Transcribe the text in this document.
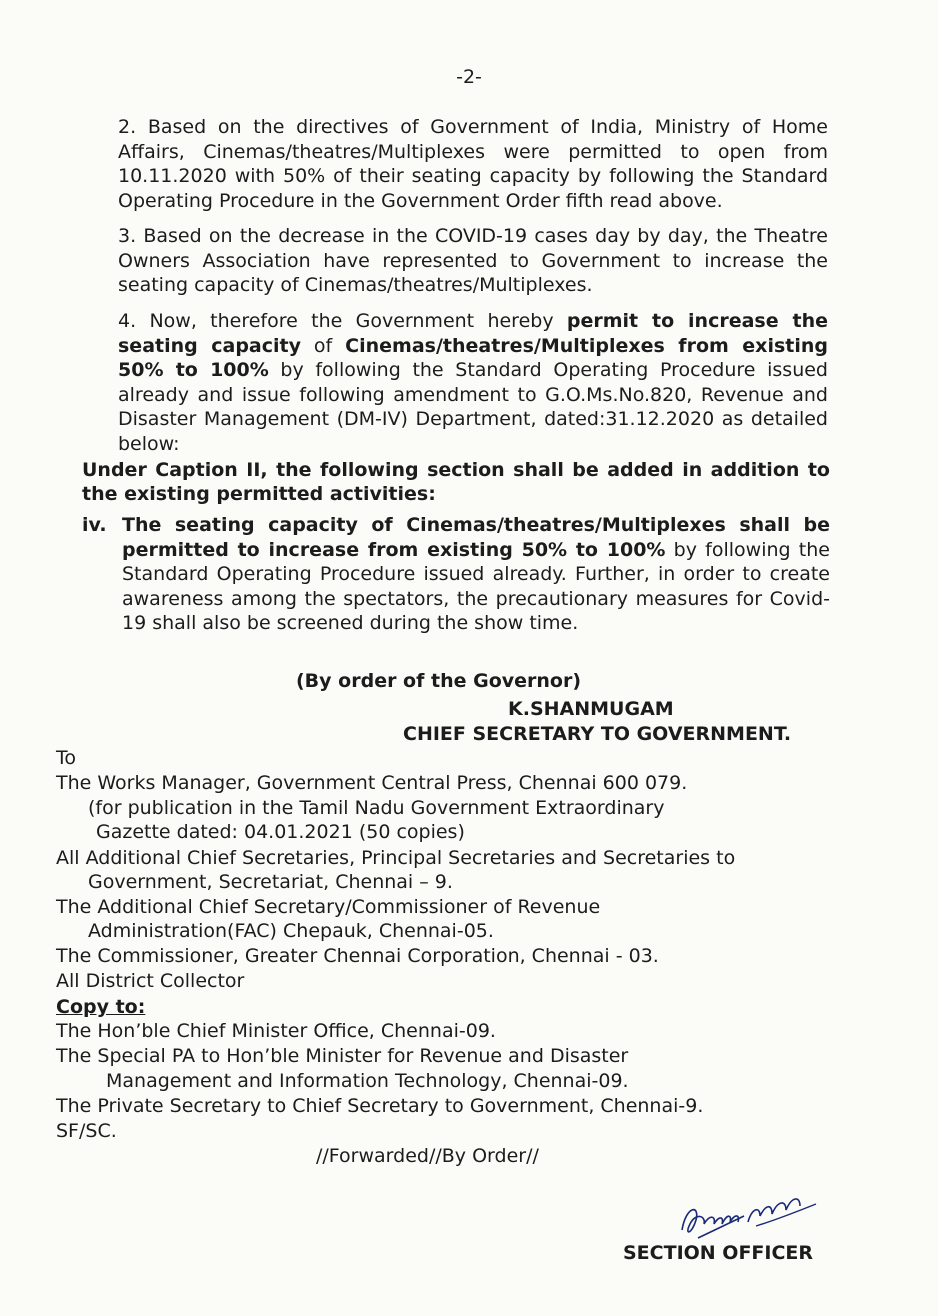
-2-
2. Based on the directives of Government of India, Ministry of Home Affairs, Cinemas/theatres/Multiplexes were permitted to open from 10.11.2020 with 50% of their seating capacity by following the Standard Operating Procedure in the Government Order fifth read above.
3. Based on the decrease in the COVID-19 cases day by day, the Theatre Owners Association have represented to Government to increase the seating capacity of Cinemas/theatres/Multiplexes.
4. Now, therefore the Government hereby permit to increase the seating capacity of Cinemas/theatres/Multiplexes from existing 50% to 100% by following the Standard Operating Procedure issued already and issue following amendment to G.O.Ms.No.820, Revenue and Disaster Management (DM-IV) Department, dated:31.12.2020 as detailed below:
Under Caption II, the following section shall be added in addition to the existing permitted activities:
iv. The seating capacity of Cinemas/theatres/Multiplexes shall be permitted to increase from existing 50% to 100% by following the Standard Operating Procedure issued already. Further, in order to create awareness among the spectators, the precautionary measures for Covid-19 shall also be screened during the show time.
(By order of the Governor)
K.SHANMUGAM
CHIEF SECRETARY TO GOVERNMENT.
To
The Works Manager, Government Central Press, Chennai 600 079.
(for publication in the Tamil Nadu Government Extraordinary
Gazette dated: 04.01.2021 (50 copies)
All Additional Chief Secretaries, Principal Secretaries and Secretaries to
Government, Secretariat, Chennai – 9.
The Additional Chief Secretary/Commissioner of Revenue
Administration(FAC) Chepauk, Chennai-05.
The Commissioner, Greater Chennai Corporation, Chennai - 03.
All District Collector
Copy to:
The Hon’ble Chief Minister Office, Chennai-09.
The Special PA to Hon’ble Minister for Revenue and Disaster
Management and Information Technology, Chennai-09.
The Private Secretary to Chief Secretary to Government, Chennai-9.
SF/SC.
//Forwarded//By Order//
SECTION OFFICER
